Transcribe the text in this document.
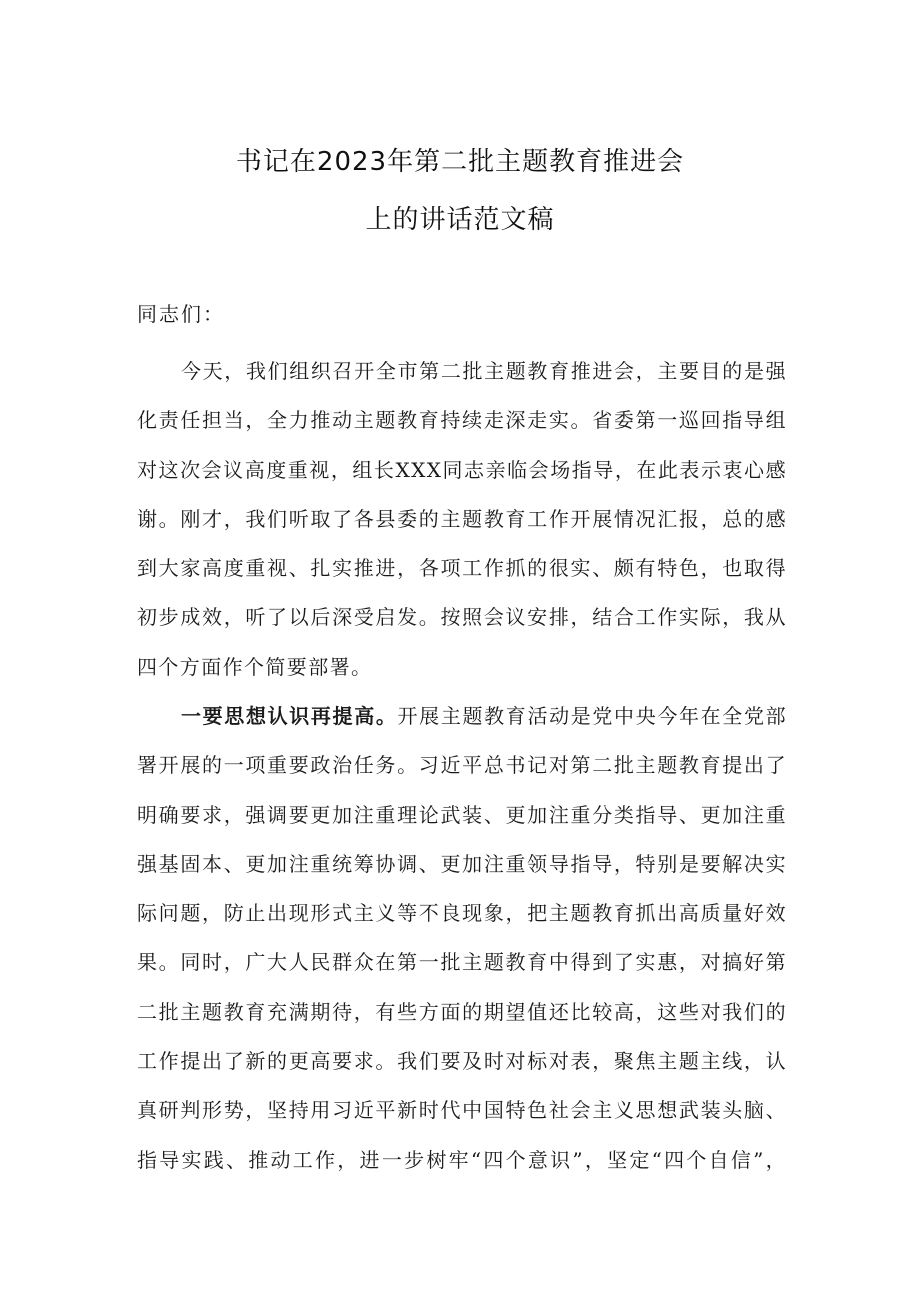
书记在2023年第二批主题教育推进会
上的讲话范文稿

同志们：

今天，我们组织召开全市第二批主题教育推进会，主要目的是强
化责任担当，全力推动主题教育持续走深走实。省委第一巡回指导组
对这次会议高度重视，组长XXX同志亲临会场指导，在此表示衷心感
谢。刚才，我们听取了各县委的主题教育工作开展情况汇报，总的感
到大家高度重视、扎实推进，各项工作抓的很实、颇有特色，也取得
初步成效，听了以后深受启发。按照会议安排，结合工作实际，我从
四个方面作个简要部署。
一要思想认识再提高。开展主题教育活动是党中央今年在全党部
署开展的一项重要政治任务。习近平总书记对第二批主题教育提出了
明确要求，强调要更加注重理论武装、更加注重分类指导、更加注重
强基固本、更加注重统筹协调、更加注重领导指导，特别是要解决实
际问题，防止出现形式主义等不良现象，把主题教育抓出高质量好效
果。同时，广大人民群众在第一批主题教育中得到了实惠，对搞好第
二批主题教育充满期待，有些方面的期望值还比较高，这些对我们的
工作提出了新的更高要求。我们要及时对标对表，聚焦主题主线，认
真研判形势，坚持用习近平新时代中国特色社会主义思想武装头脑、
指导实践、推动工作，进一步树牢“四个意识”，坚定“四个自信”，
